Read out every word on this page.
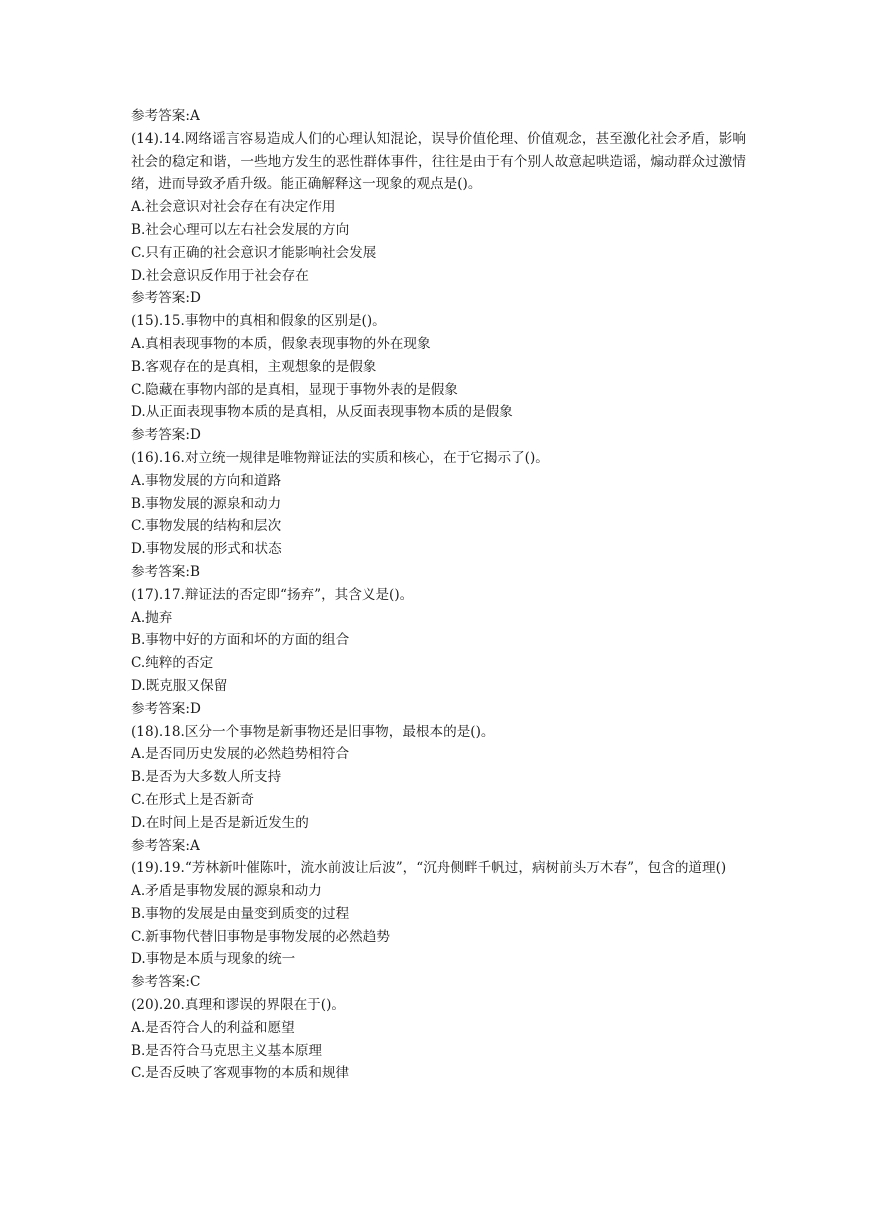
参考答案:A
(14).14.网络谣言容易造成人们的心理认知混论，误导价值伦理、价值观念，甚至激化社会矛盾，影响社会的稳定和谐，一些地方发生的恶性群体事件，往往是由于有个别人故意起哄造谣，煽动群众过激情绪，进而导致矛盾升级。能正确解释这一现象的观点是()。
A.社会意识对社会存在有决定作用
B.社会心理可以左右社会发展的方向
C.只有正确的社会意识才能影响社会发展
D.社会意识反作用于社会存在
参考答案:D
(15).15.事物中的真相和假象的区别是()。
A.真相表现事物的本质，假象表现事物的外在现象
B.客观存在的是真相，主观想象的是假象
C.隐藏在事物内部的是真相，显现于事物外表的是假象
D.从正面表现事物本质的是真相，从反面表现事物本质的是假象
参考答案:D
(16).16.对立统一规律是唯物辩证法的实质和核心，在于它揭示了()。
A.事物发展的方向和道路
B.事物发展的源泉和动力
C.事物发展的结构和层次
D.事物发展的形式和状态
参考答案:B
(17).17.辩证法的否定即“扬弃”，其含义是()。
A.抛弃
B.事物中好的方面和坏的方面的组合
C.纯粹的否定
D.既克服又保留
参考答案:D
(18).18.区分一个事物是新事物还是旧事物，最根本的是()。
A.是否同历史发展的必然趋势相符合
B.是否为大多数人所支持
C.在形式上是否新奇
D.在时间上是否是新近发生的
参考答案:A
(19).19.“芳林新叶催陈叶，流水前波让后波”，“沉舟侧畔千帆过，病树前头万木春”，包含的道理()
A.矛盾是事物发展的源泉和动力
B.事物的发展是由量变到质变的过程
C.新事物代替旧事物是事物发展的必然趋势
D.事物是本质与现象的统一
参考答案:C
(20).20.真理和谬误的界限在于()。
A.是否符合人的利益和愿望
B.是否符合马克思主义基本原理
C.是否反映了客观事物的本质和规律
